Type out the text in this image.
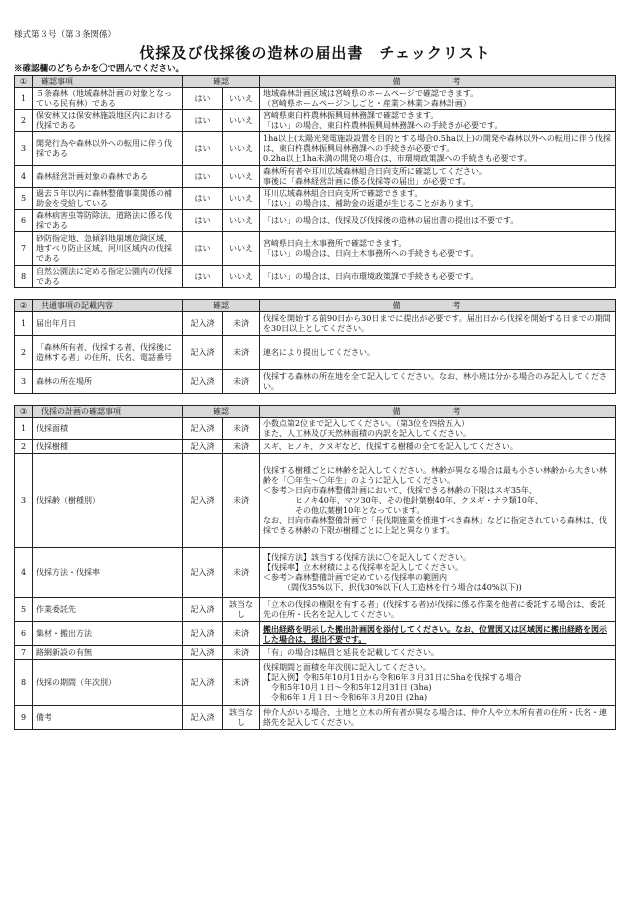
様式第３号（第３条関係）
伐採及び伐採後の造林の届出書　チェックリスト
※確認欄のどちらかを〇で囲んでください。
①	確認事項	確認		備　考
1	５条森林（地域森林計画の対象となっている民有林）である	はい	いいえ	地域森林計画区域は宮崎県のホームページで確認できます。
（宮崎県ホームページ＞しごと・産業＞林業＞森林計画）
2	保安林又は保安林施設地区内における伐採である	はい	いいえ	宮崎県東臼杵農林振興局林務課で確認できます。
「はい」の場合、東臼杵農林振興局林務課への手続きが必要です。
3	開発行為や森林以外への転用に伴う伐採である	はい	いいえ	1ha以上(太陽光発電施設設置を目的とする場合0.5ha以上)の開発や森林以外への転用に伴う伐採は、東臼杵農林振興局林務課への手続きが必要です。
0.2ha以上1ha未満の開発の場合は、市環境政策課への手続きも必要です。
4	森林経営計画対象の森林である	はい	いいえ	森林所有者や耳川広域森林組合日向支所に確認してください。
事後に「森林経営計画に係る伐採等の届出」が必要です。
5	過去５年以内に森林整備事業関係の補助金を受給している	はい	いいえ	耳川広域森林組合日向支所で確認できます。
「はい」の場合は、補助金の返還が生じることがあります。
6	森林病害虫等防除法、道路法に係る伐採である	はい	いいえ	「はい」の場合は、伐採及び伐採後の造林の届出書の提出は不要です。
7	砂防指定地、急傾斜地崩壊危険区域、地すべり防止区域、河川区域内の伐採である	はい	いいえ	宮崎県日向土木事務所で確認できます。
「はい」の場合は、日向土木事務所への手続きも必要です。
8	自然公園法に定める指定公園内の伐採である	はい	いいえ	「はい」の場合は、日向市環境政策課で手続きも必要です。
②	共通事項の記載内容	確認		備　考
1	届出年月日	記入済	未済	伐採を開始する前90日から30日までに提出が必要です。届出日から伐採を開始する日までの期間を30日以上としてください。
2	「森林所有者、伐採する者、伐採後に造林する者」の住所、氏名、電話番号	記入済	未済	連名により提出してください。
3	森林の所在場所	記入済	未済	伐採する森林の所在地を全て記入してください。なお、林小班は分かる場合のみ記入してください。
③	伐採の計画の確認事項	確認		備　考
1	伐採面積	記入済	未済	小数点第2位まで記入してください。（第3位を四捨五入）
また、人工林及び天然林面積の内訳を記入してください。
2	伐採樹種	記入済	未済	スギ、ヒノキ、クヌギなど、伐採する樹種の全てを記入してください。
3	伐採齢（樹種別）	記入済	未済	伐採する樹種ごとに林齢を記入してください。林齢が異なる場合は最も小さい林齢から大きい林齢を「〇年生～〇年生」のように記入してください。
＜参考＞日向市森林整備計画において、伐採できる林齢の下限はスギ35年、
　　　　ヒノキ40年、マツ30年、その他針葉樹40年、クヌギ・ナラ類10年、
　　　　その他広葉樹10年となっています。
なお、日向市森林整備計画で「長伐期施業を推進すべき森林」などに指定されている森林は、伐採できる林齢の下限が樹種ごとに上記と異なります。
4	伐採方法・伐採率	記入済	未済	【伐採方法】該当する伐採方法に〇を記入してください。
【伐採率】立木材積による伐採率を記入してください。
＜参考＞森林整備計画で定めている伐採率の範囲内
　　　（間伐35%以下、択伐30%以下(人工造林を行う場合は40%以下))
5	作業委託先	記入済	該当なし	「立木の伐採の権限を有する者」(伐採する者)が伐採に係る作業を他者に委託する場合は、委託先の住所・氏名を記入してください。
6	集材・搬出方法	記入済	未済	搬出経路を明示した搬出計画図を添付してください。なお、位置図又は区域図に搬出経路を図示した場合は、提出不要です。
7	路網新設の有無	記入済	未済	「有」の場合は幅員と延長を記載してください。
8	伐採の期間（年次別）	記入済	未済	伐採期間と面積を年次別に記入してください。
【記入例】令和5年10月1日から令和6年３月31日に5haを伐採する場合
　令和5年10月１日～令和5年12月31日 (3ha)
　令和6年１月１日～令和6年３月20日 (2ha)
9	備考	記入済	該当なし	仲介人がいる場合、土地と立木の所有者が異なる場合は、仲介人や立木所有者の住所・氏名・連絡先を記入してください。
